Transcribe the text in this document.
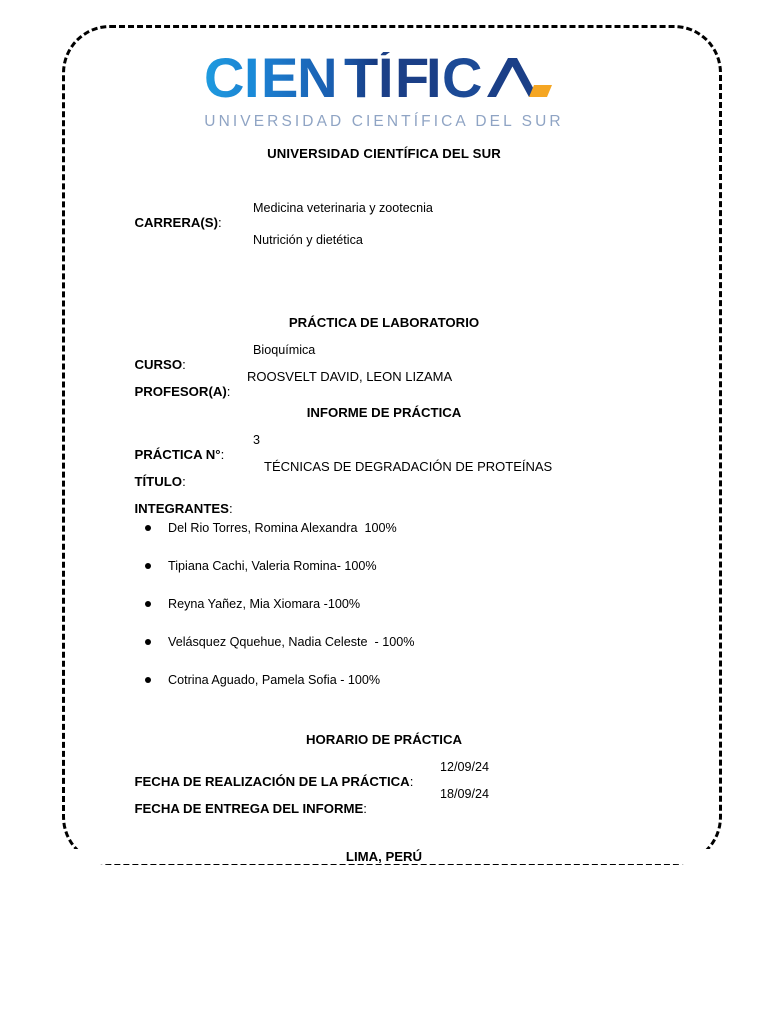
C I EN T Í F
I C
UNIVERSIDAD CIENTÍFICA DEL SUR
UNIVERSIDAD CIENTÍFICA DEL SUR

CARRERA(S):

Medicina veterinaria y zootecnia
Nutrición y dietética
PRÁCTICA DE LABORATORIO

CURSO:

Bioquímica

PROFESOR(A):

ROOSVELT DAVID, LEON LIZAMA
INFORME DE PRÁCTICA

PRÁCTICA N°:

3

TÍTULO:

TÉCNICAS DE DEGRADACIÓN DE PROTEÍNAS

INTEGRANTES:

Del Rio Torres, Romina Alexandra  100%
Tipiana Cachi, Valeria Romina- 100%
Reyna Yañez, Mia Xiomara -100%
Velásquez Qquehue, Nadia Celeste  - 100%
Cotrina Aguado, Pamela Sofia - 100%
HORARIO DE PRÁCTICA

FECHA DE REALIZACIÓN DE LA PRÁCTICA:

12/09/24

FECHA DE ENTREGA DEL INFORME:

18/09/24
LIMA, PERÚ
